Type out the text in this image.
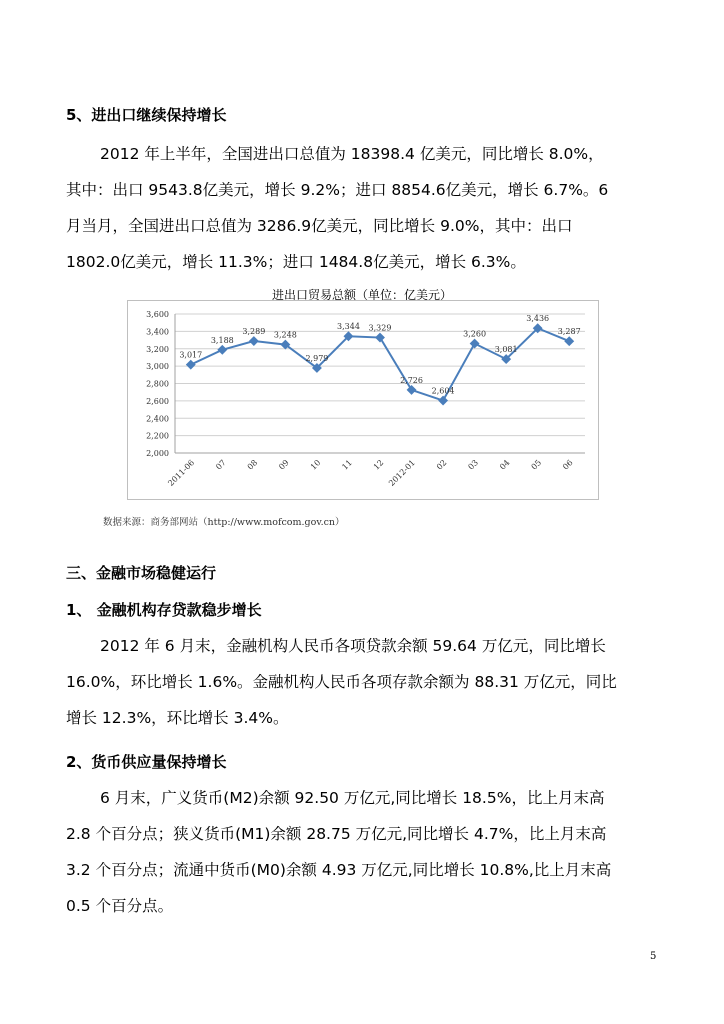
5、进出口继续保持增长
2012 年上半年，全国进出口总值为 18398.4 亿美元，同比增长 8.0%，
其中：出口 9543.8亿美元，增长 9.2%；进口 8854.6亿美元，增长 6.7%。6
月当月，全国进出口总值为 3286.9亿美元，同比增长 9.0%，其中：出口
1802.0亿美元，增长 11.3%；进口 1484.8亿美元，增长 6.3%。
进出口贸易总额（单位：亿美元）
2,000
2,200
2,400
2,600
2,800
3,000
3,200
3,400
3,600
3,017
3,188
3,289 3,248
2,979
3,344 3,329
2,726
2,604
3,260
3,081
3,436
3,287
2011-06 07 08 09 10 11 12 2012-01 02 03 04 05 06
数据来源：商务部网站（http://www.mofcom.gov.cn）
三、金融市场稳健运行
1、 金融机构存贷款稳步增长
2012 年 6 月末，金融机构人民币各项贷款余额 59.64 万亿元，同比增长
16.0%，环比增长 1.6%。金融机构人民币各项存款余额为 88.31 万亿元，同比
增长 12.3%，环比增长 3.4%。
2、货币供应量保持增长
6 月末，广义货币(M2)余额 92.50 万亿元,同比增长 18.5%，比上月末高
2.8 个百分点；狭义货币(M1)余额 28.75 万亿元,同比增长 4.7%，比上月末高
3.2 个百分点；流通中货币(M0)余额 4.93 万亿元,同比增长 10.8%,比上月末高
0.5 个百分点。
5
